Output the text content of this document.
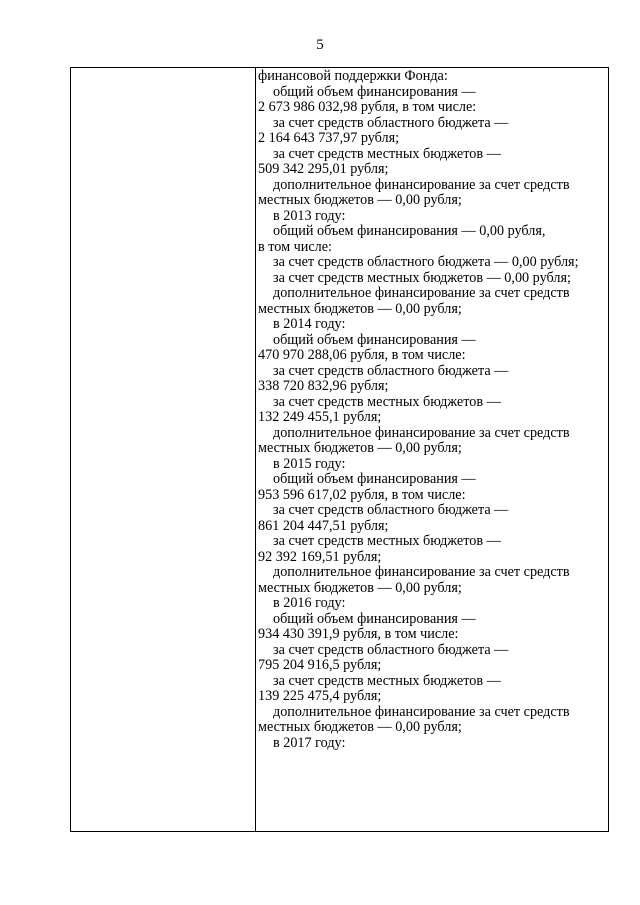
5
финансовой поддержки Фонда:
общий объем финансирования —
2 673 986 032,98 рубля, в том числе:
за счет средств областного бюджета —
2 164 643 737,97 рубля;
за счет средств местных бюджетов —
509 342 295,01 рубля;
дополнительное финансирование за счет средств
местных бюджетов — 0,00 рубля;
в 2013 году:
общий объем финансирования — 0,00 рубля,
в том числе:
за счет средств областного бюджета — 0,00 рубля;
за счет средств местных бюджетов — 0,00 рубля;
дополнительное финансирование за счет средств
местных бюджетов — 0,00 рубля;
в 2014 году:
общий объем финансирования —
470 970 288,06 рубля, в том числе:
за счет средств областного бюджета —
338 720 832,96 рубля;
за счет средств местных бюджетов —
132 249 455,1 рубля;
дополнительное финансирование за счет средств
местных бюджетов — 0,00 рубля;
в 2015 году:
общий объем финансирования —
953 596 617,02 рубля, в том числе:
за счет средств областного бюджета —
861 204 447,51 рубля;
за счет средств местных бюджетов —
92 392 169,51 рубля;
дополнительное финансирование за счет средств
местных бюджетов — 0,00 рубля;
в 2016 году:
общий объем финансирования —
934 430 391,9 рубля, в том числе:
за счет средств областного бюджета —
795 204 916,5 рубля;
за счет средств местных бюджетов —
139 225 475,4 рубля;
дополнительное финансирование за счет средств
местных бюджетов — 0,00 рубля;
в 2017 году:
